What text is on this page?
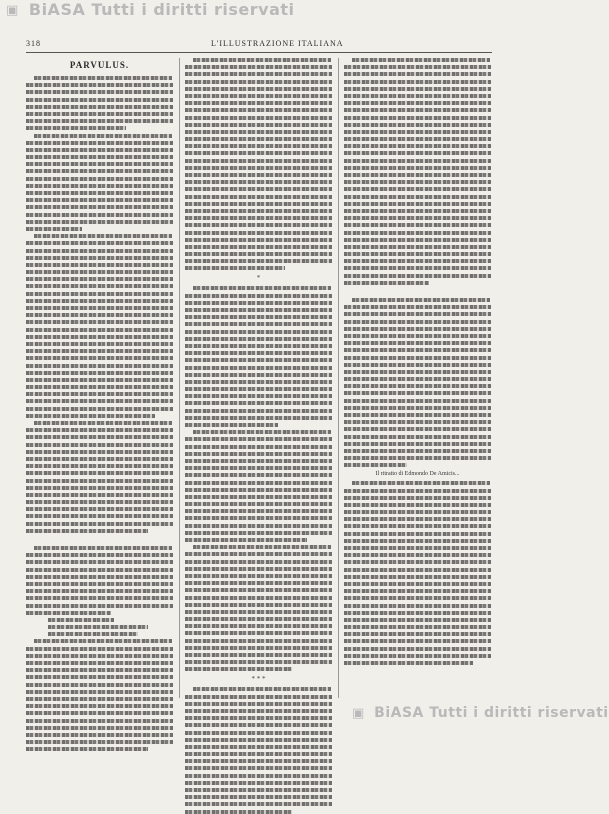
▣ BiASA Tutti i diritti riservati
318	L'ILLUSTRAZIONE ITALIANA
PARVULUS.
*
* * *
Il ritratto di Edmondo De Amicis...
▣ BiASA Tutti i diritti riservati
